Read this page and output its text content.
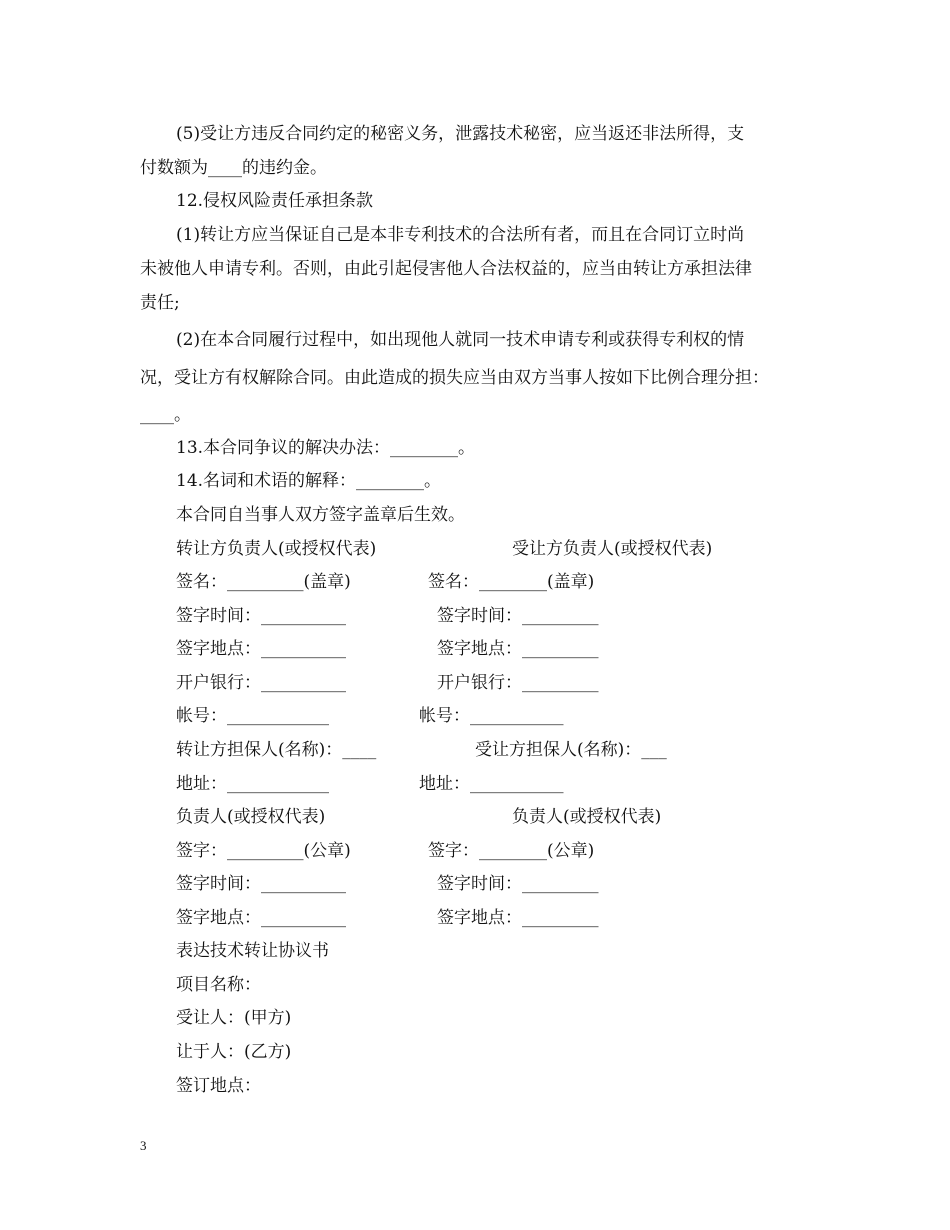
(5)受让方违反合同约定的秘密义务，泄露技术秘密，应当返还非法所得，支
付数额为____的违约金。
12.侵权风险责任承担条款
(1)转让方应当保证自己是本非专利技术的合法所有者，而且在合同订立时尚
未被他人申请专利。否则，由此引起侵害他人合法权益的，应当由转让方承担法律
责任;
(2)在本合同履行过程中，如出现他人就同一技术申请专利或获得专利权的情
况，受让方有权解除合同。由此造成的损失应当由双方当事人按如下比例合理分担：
____。
13.本合同争议的解决办法：________。
14.名词和术语的解释：________。
本合同自当事人双方签字盖章后生效。
转让方负责人(或授权代表)	受让方负责人(或授权代表)
签名：_________(盖章)	签名：________(盖章)
签字时间：__________	签字时间：_________
签字地点：__________	签字地点：_________
开户银行：__________	开户银行：_________
帐号：____________	帐号：___________
转让方担保人(名称)：____	受让方担保人(名称)：___
地址：____________	地址：___________
负责人(或授权代表)	负责人(或授权代表)
签字：_________(公章)	签字：________(公章)
签字时间：__________	签字时间：_________
签字地点：__________	签字地点：_________
表达技术转让协议书
项目名称：
受让人：(甲方)
让于人：(乙方)
签订地点：
3
